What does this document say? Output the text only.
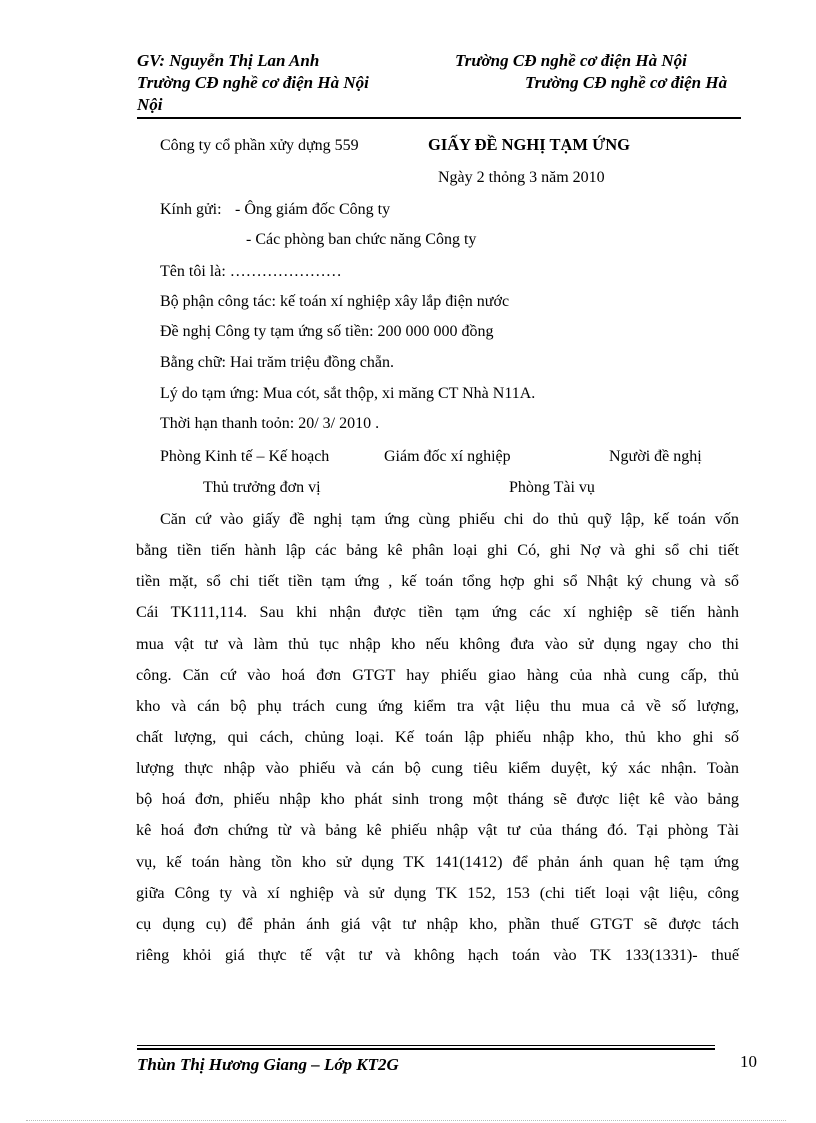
GV: Nguyễn Thị Lan Anh	Trường CĐ nghề cơ điện Hà Nội
Trường CĐ nghề cơ điện Hà Nội	Trường CĐ nghề cơ điện Hà
Nội
Công ty cổ phần xửy dựng 559	GIẤY ĐỀ NGHỊ TẠM ỨNG
Ngày 2 thỏng 3 năm 2010
Kính gửi: - Ông giám đốc Công ty
- Các phòng ban chức năng Công ty
Tên tôi là: …………………
Bộ phận công tác: kế toán xí nghiệp xây lắp điện nước
Đề nghị Công ty tạm ứng số tiền: 200 000 000 đồng
Bằng chữ: Hai trăm triệu đồng chẵn.
Lý do tạm ứng: Mua cót, sắt thộp, xi măng CT Nhà N11A.
Thời hạn thanh toỏn: 20/ 3/ 2010 .
Phòng Kinh tế – Kế hoạch	Giám đốc xí nghiệp	Người đề nghị
Thủ trưởng đơn vị	Phòng Tài vụ
Căn cứ vào giấy đề nghị tạm ứng cùng phiếu chi do thủ quỹ lập, kế toán vốn
bằng tiền tiến hành lập các bảng kê phân loại ghi Có, ghi Nợ và ghi sổ chi tiết
tiền mặt, sổ chi tiết tiền tạm ứng , kế toán tổng hợp ghi sổ Nhật ký chung và sổ
Cái TK111,114. Sau khi nhận được tiền tạm ứng các xí nghiệp sẽ tiến hành
mua vật tư và làm thủ tục nhập kho nếu không đưa vào sử dụng ngay cho thi
công. Căn cứ vào hoá đơn GTGT hay phiếu giao hàng của nhà cung cấp, thủ
kho và cán bộ phụ trách cung ứng kiểm tra vật liệu thu mua cả về số lượng,
chất lượng, qui cách, chủng loại. Kế toán lập phiếu nhập kho, thủ kho ghi số
lượng thực nhập vào phiếu và cán bộ cung tiêu kiểm duyệt, ký xác nhận. Toàn
bộ hoá đơn, phiếu nhập kho phát sinh trong một tháng sẽ được liệt kê vào bảng
kê hoá đơn chứng từ và bảng kê phiếu nhập vật tư của tháng đó. Tại phòng Tài
vụ, kế toán hàng tồn kho sử dụng TK 141(1412) để phản ánh quan hệ tạm ứng
giữa Công ty và xí nghiệp và sử dụng TK 152, 153 (chi tiết loại vật liệu, công
cụ dụng cụ) để phản ánh giá vật tư nhập kho, phần thuế GTGT sẽ được tách
riêng khỏi giá thực tế vật tư và không hạch toán vào TK 133(1331)- thuế
Thùn Thị Hương Giang – Lớp KT2G	10
